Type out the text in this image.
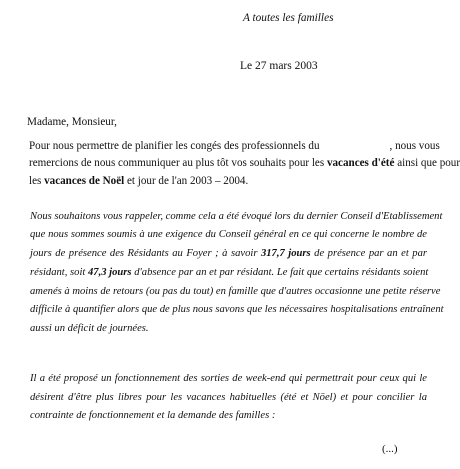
A toutes les familles
Le 27 mars 2003
Madame, Monsieur,
Pour nous permettre de planifier les congés des professionnels du	, nous vous
remercions de nous communiquer au plus tôt vos souhaits pour les vacances d'été ainsi que pour
les vacances de Noël et jour de l'an 2003 – 2004.
Nous souhaitons vous rappeler, comme cela a été évoqué lors du dernier Conseil d'Etablissement
que nous sommes soumis à une exigence du Conseil général en ce qui concerne le nombre de
jours de présence des Résidants au Foyer ; à savoir 317,7 jours de présence par an et par
résidant, soit 47,3 jours d'absence par an et par résidant. Le fait que certains résidants soient
amenés à moins de retours (ou pas du tout) en famille que d'autres occasionne une petite réserve
difficile à quantifier alors que de plus nous savons que les nécessaires hospitalisations entraînent
aussi un déficit de journées.
Il a été proposé un fonctionnement des sorties de week-end qui permettrait pour ceux qui le
désirent d'être plus libres pour les vacances habituelles (été et Nöel) et pour concilier la
contrainte de fonctionnement et la demande des familles :
(...)
